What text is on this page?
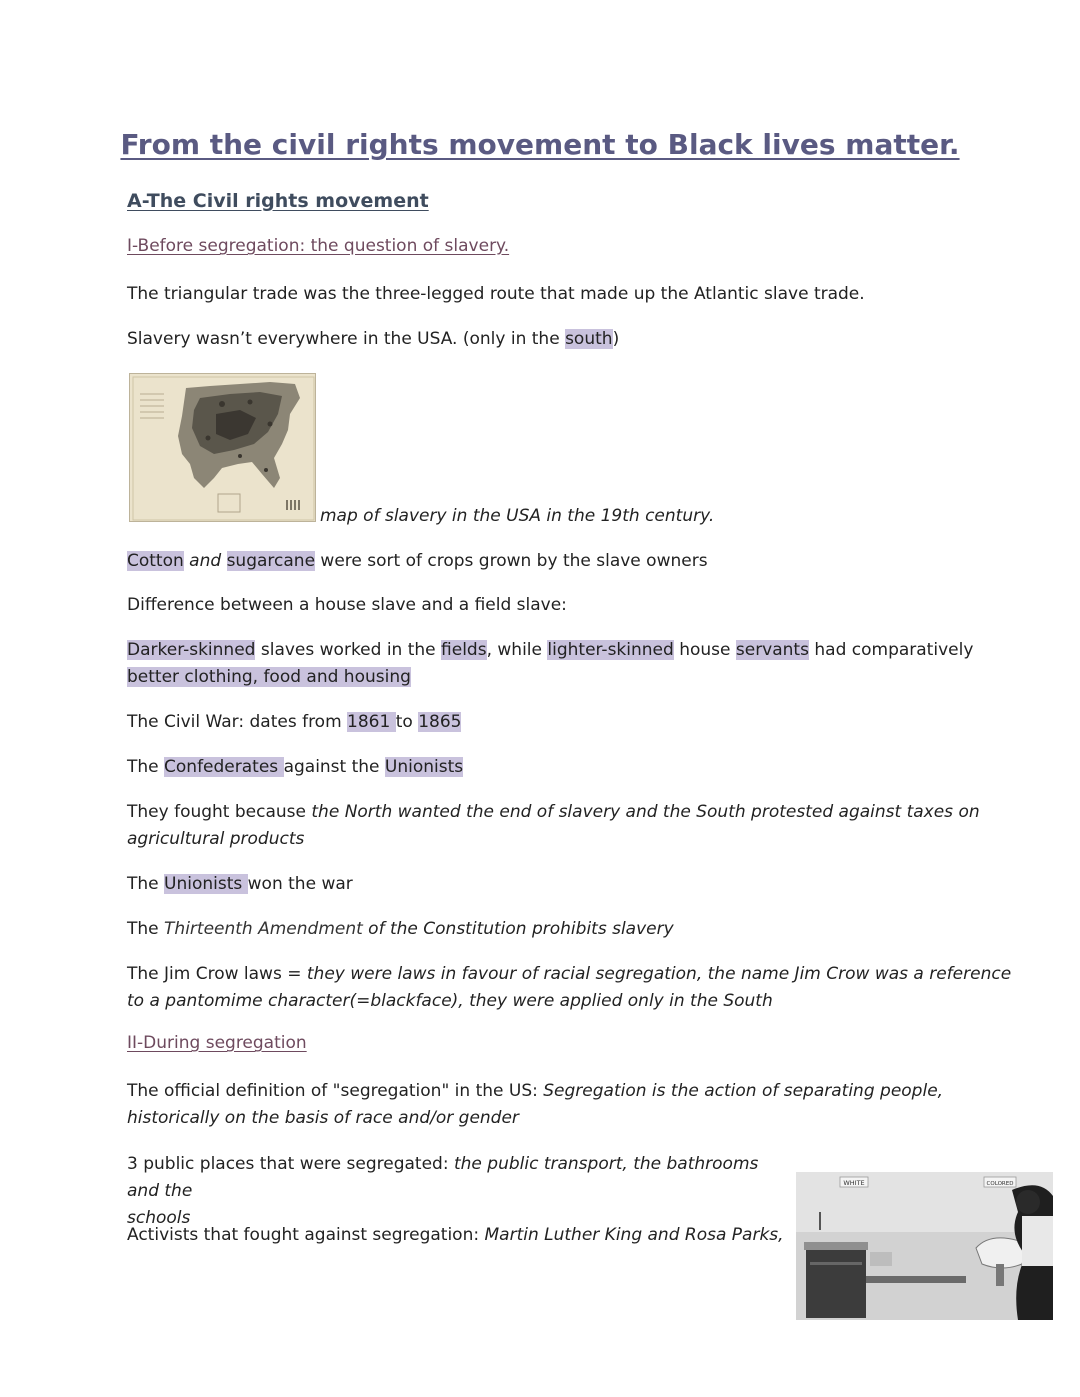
From the civil rights movement to Black lives matter.
A-The Civil rights movement
I-Before segregation: the question of slavery.
The triangular trade was the three-legged route that made up the Atlantic slave trade.
Slavery wasn’t everywhere in the USA. (only in the south)
map of slavery in the USA in the 19th century.
Cotton and sugarcane were sort of crops grown by the slave owners
Difference between a house slave and a field slave:
Darker-skinned slaves worked in the fields, while lighter-skinned house servants had comparatively
better clothing, food and housing
The Civil War: dates from 1861 to 1865
The Confederates against the Unionists
They fought because the North wanted the end of slavery and the South protested against taxes on
agricultural products
The Unionists won the war
The Thirteenth Amendment of the Constitution prohibits slavery
The Jim Crow laws = they were laws in favour of racial segregation, the name Jim Crow was a reference
to a pantomime character(=blackface), they were applied only in the South
II-During segregation
The official definition of "segregation" in the US: Segregation is the action of separating people,
historically on the basis of race and/or gender
3 public places that were segregated: the public transport, the bathrooms and the
schools
Activists that fought against segregation: Martin Luther King and Rosa Parks,
WHITE	COLORED
